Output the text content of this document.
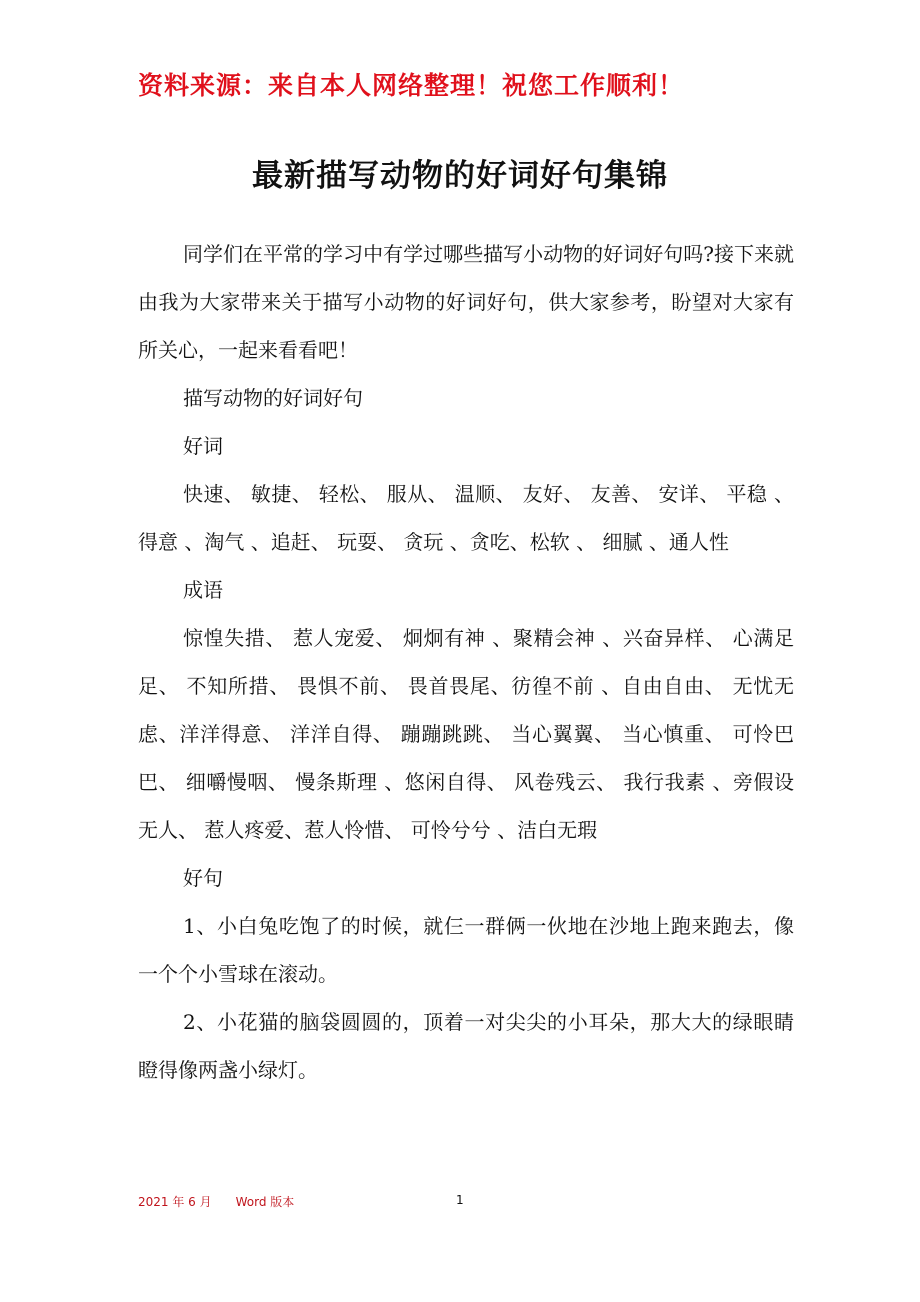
资料来源：来自本人网络整理！祝您工作顺利！
最新描写动物的好词好句集锦

同学们在平常的学习中有学过哪些描写小动物的好词好句吗?接下来就由我为大家带来关于描写小动物的好词好句，供大家参考，盼望对大家有所关心，一起来看看吧！

描写动物的好词好句

好词

快速、 敏捷、 轻松、 服从、 温顺、 友好、 友善、 安详、 平稳 、得意 、淘气 、追赶、 玩耍、 贪玩 、贪吃、松软 、 细腻 、通人性

成语

惊惶失措、 惹人宠爱、 炯炯有神 、聚精会神 、兴奋异样、 心满足足、 不知所措、 畏惧不前、 畏首畏尾、彷徨不前 、自由自由、 无忧无虑、洋洋得意、 洋洋自得、 蹦蹦跳跳、 当心翼翼、 当心慎重、 可怜巴巴、 细嚼慢咽、 慢条斯理 、悠闲自得、 风卷残云、 我行我素 、旁假设无人、 惹人疼爱、惹人怜惜、 可怜兮兮 、洁白无瑕

好句

1、小白兔吃饱了的时候，就仨一群俩一伙地在沙地上跑来跑去，像一个个小雪球在滚动。

2、小花猫的脑袋圆圆的，顶着一对尖尖的小耳朵，那大大的绿眼睛瞪得像两盏小绿灯。

2021 年 6 月　　Word 版本	1
